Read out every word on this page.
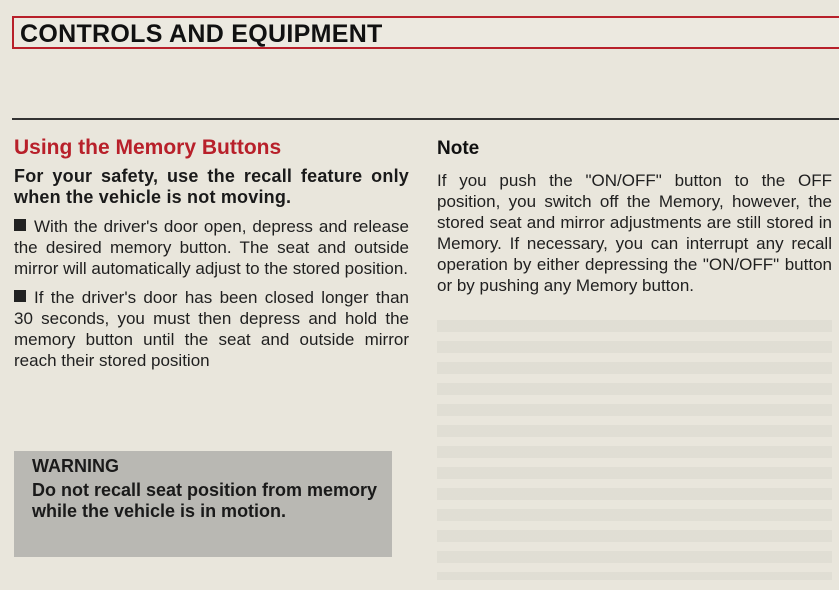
CONTROLS AND EQUIPMENT
Using the Memory Buttons
For your safety, use the recall feature only when the vehicle is not moving.
With the driver's door open, depress and release the desired memory button. The seat and outside mirror will automatically adjust to the stored position.
If the driver's door has been closed longer than 30 seconds, you must then depress and hold the memory button until the seat and outside mirror reach their stored position
WARNING
Do not recall seat position from memory while the vehicle is in motion.
Note
If you push the "ON/OFF" button to the OFF position, you switch off the Memory, however, the stored seat and mirror adjustments are still stored in Memory. If necessary, you can interrupt any recall operation by either depressing the "ON/OFF" button or by pushing any Memory button.
